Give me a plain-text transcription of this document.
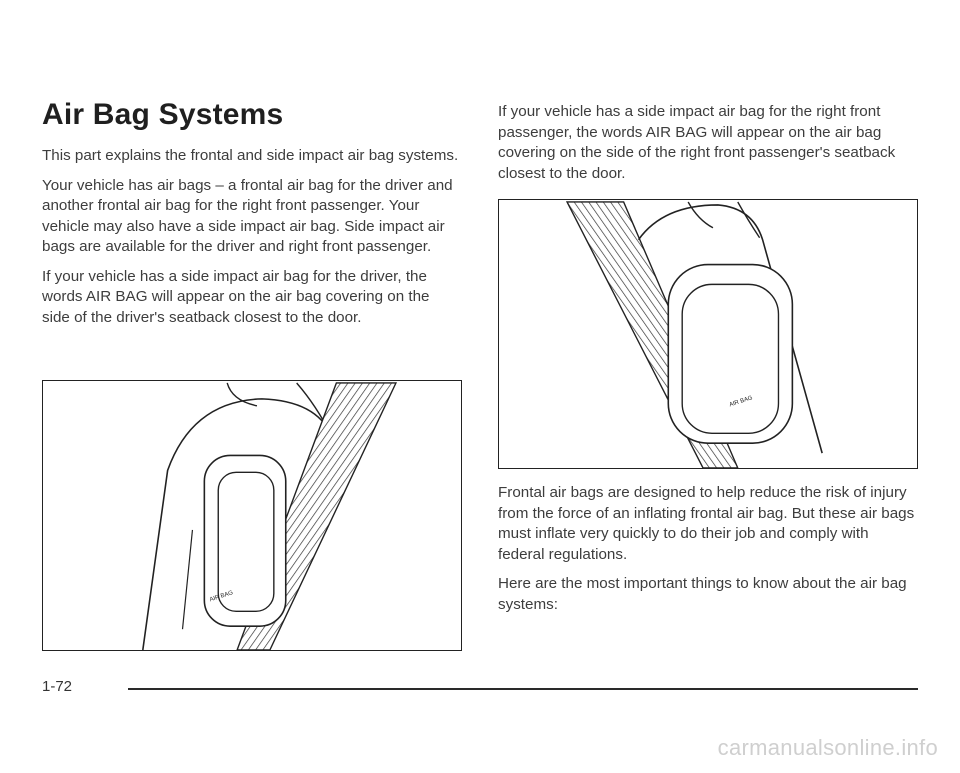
Air Bag Systems

This part explains the frontal and side impact air bag systems.

Your vehicle has air bags – a frontal air bag for the driver and another frontal air bag for the right front passenger. Your vehicle may also have a side impact air bag. Side impact air bags are available for the driver and right front passenger.

If your vehicle has a side impact air bag for the driver, the words AIR BAG will appear on the air bag covering on the side of the driver's seatback closest to the door.

AIR BAG

If your vehicle has a side impact air bag for the right front passenger, the words AIR BAG will appear on the air bag covering on the side of the right front passenger's seatback closest to the door.

AIR BAG

Frontal air bags are designed to help reduce the risk of injury from the force of an inflating frontal air bag. But these air bags must inflate very quickly to do their job and comply with federal regulations.

Here are the most important things to know about the air bag systems:

1-72
carmanualsonline.info
